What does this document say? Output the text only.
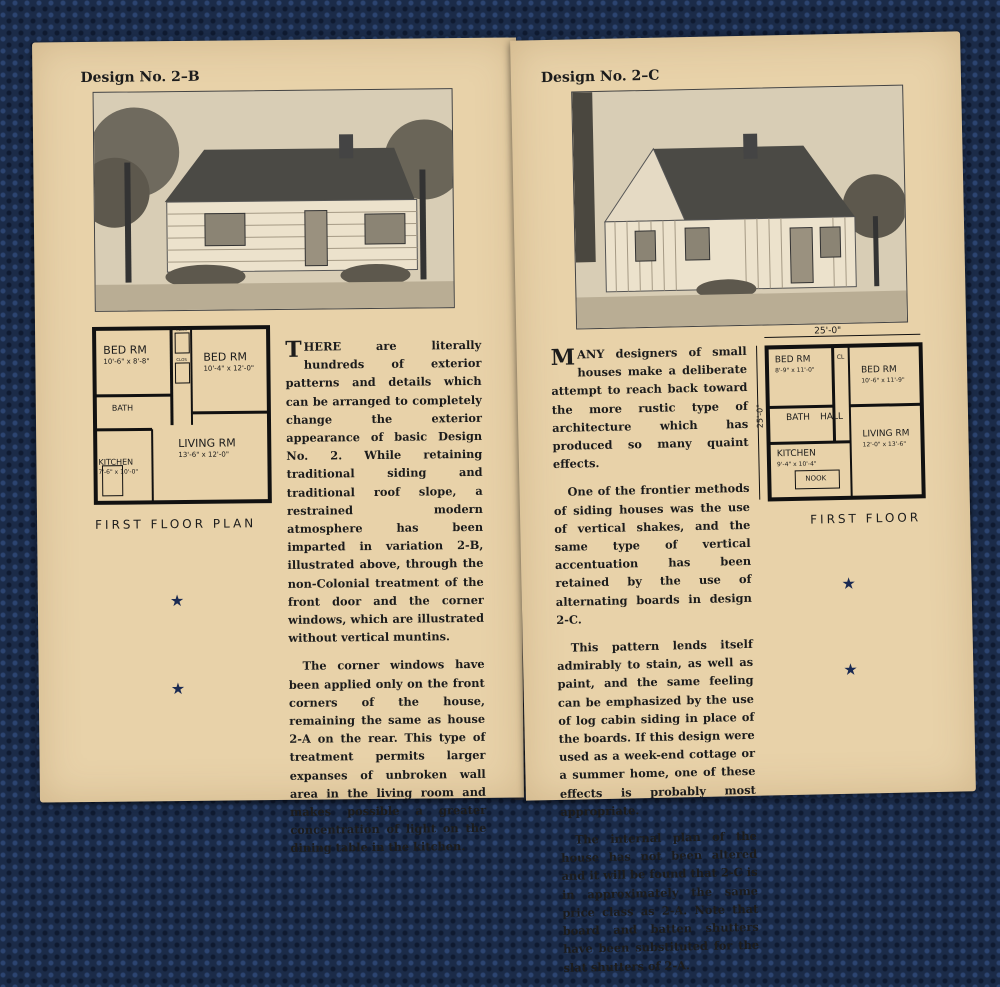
Design No. 2–B
BED RM
10'-6" x 8'-8"	BED RM
10'-4" x 12'-0"
BATH
LIVING RM
13'-6" x 12'-0"
KITCHEN
7'-6" x 10'-0"
CLOS
CLOS
FIRST FLOOR PLAN

THERE are literally hundreds of exterior patterns and details which can be arranged to completely change the exterior appearance of basic Design No. 2. While retaining traditional siding and traditional roof slope, a restrained modern atmosphere has been imparted in variation 2-B, illustrated above, through the non-Colonial treatment of the front door and the corner windows, which are illustrated without vertical muntins.

The corner windows have been applied only on the front corners of the house, remaining the same as house 2-A on the rear. This type of treatment permits larger expanses of unbroken wall area in the living room and makes possible a greater concentration of light on the dining table in the kitchen.

★
★
Design No. 2–C
25'-0"
25'-0"
BED RM
8'-9" x 11'-0"	BED RM
10'-6" x 11'-9"
BATH HALL
LIVING RM
12'-0" x 13'-6"
KITCHEN
9'-4" x 10'-4"
NOOK
CL
FIRST FLOOR

MANY designers of small houses make a deliberate attempt to reach back toward the more rustic type of architecture which has produced so many quaint effects.

One of the frontier methods of siding houses was the use of vertical shakes, and the same type of vertical accentuation has been retained by the use of alternating boards in design 2-C.

This pattern lends itself admirably to stain, as well as paint, and the same feeling can be emphasized by the use of log cabin siding in place of the boards. If this design were used as a week-end cottage or a summer home, one of these effects is probably most appropriate.

The internal plan of the house has not been altered and it will be found that 2-C is in approximately the same price class as 2-A. Note that board and batten shutters have been substituted for the slat shutters of 2-A.

★
★
